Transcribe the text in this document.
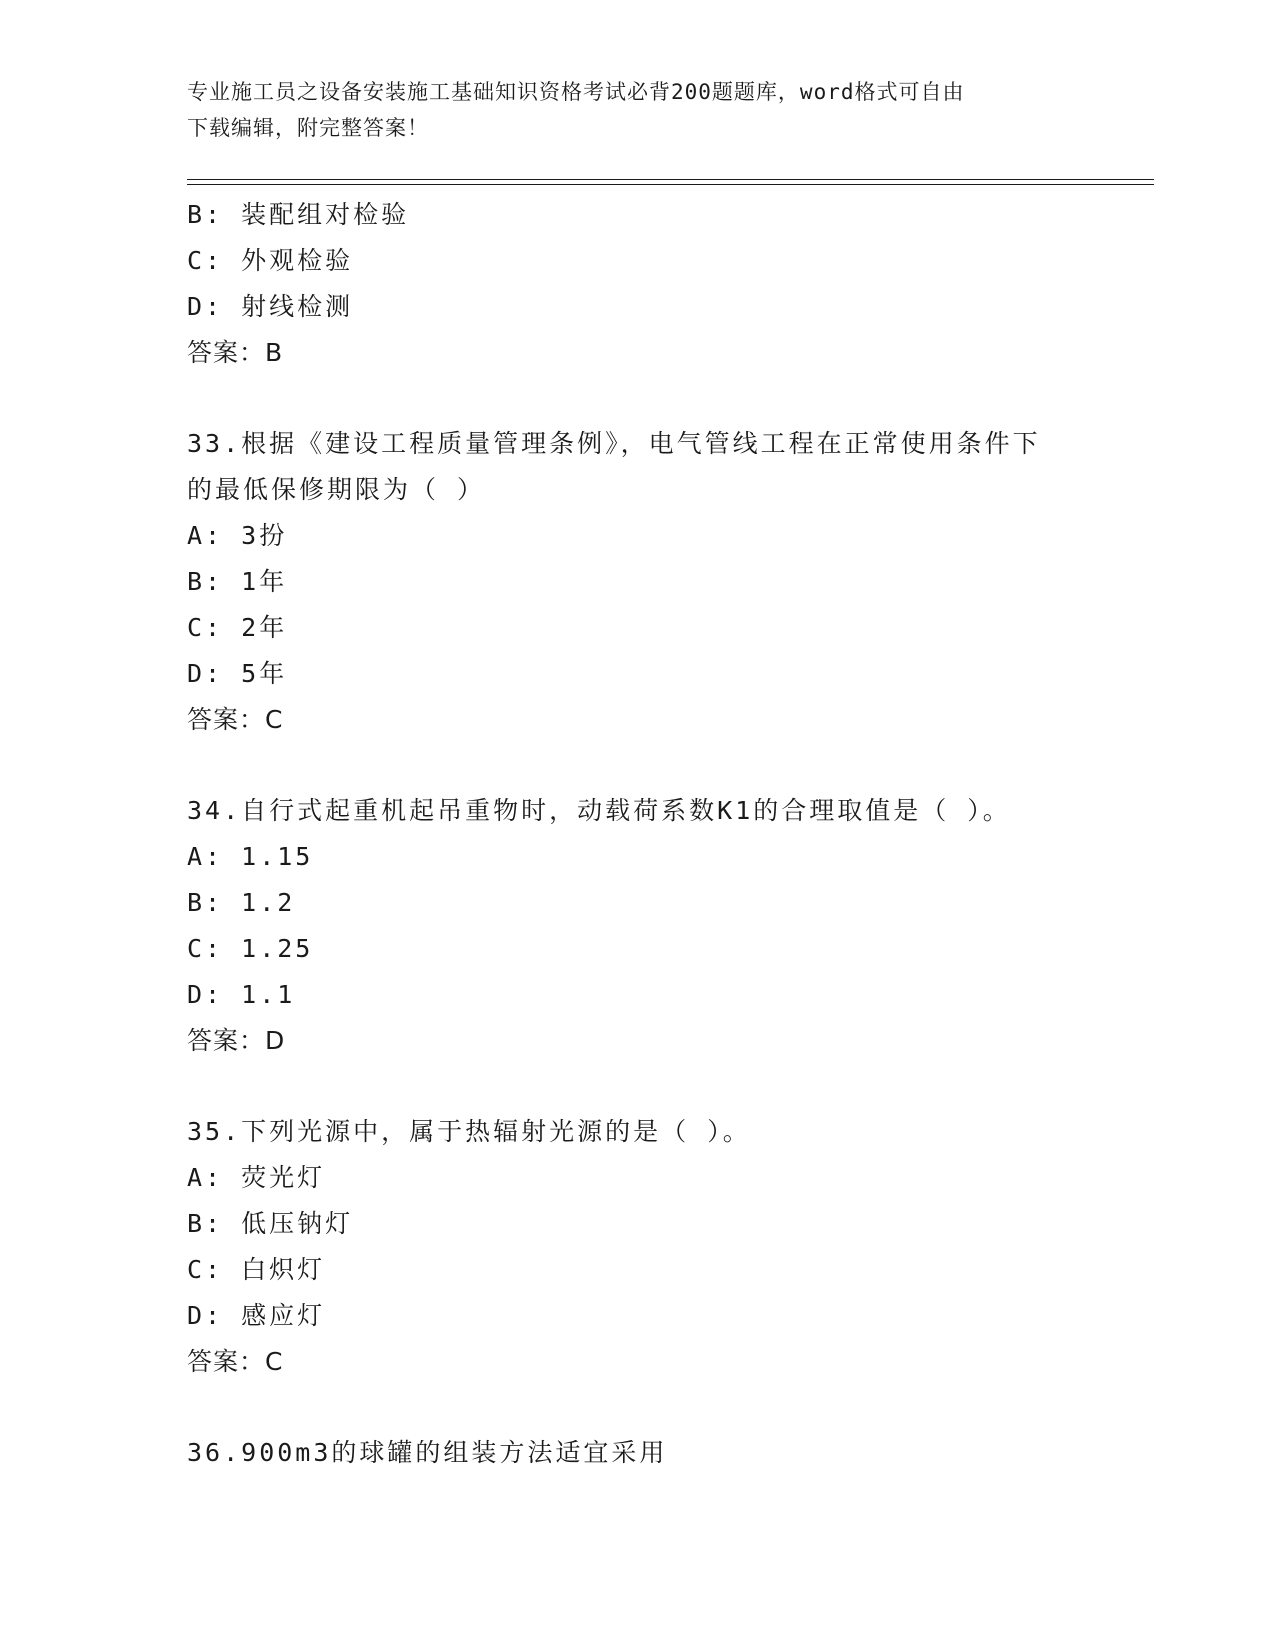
专业施工员之设备安装施工基础知识资格考试必背200题题库，word格式可自由
下载编辑，附完整答案！
B: 装配组对检验
C: 外观检验
D: 射线检测
答案：B
33.根据《建设工程质量管理条例》，电气管线工程在正常使用条件下
的最低保修期限为（ ）
A: 3扮
B: 1年
C: 2年
D: 5年
答案：C
34.自行式起重机起吊重物时，动载荷系数K1的合理取值是（ ）。
A: 1.15
B: 1.2
C: 1.25
D: 1.1
答案：D
35.下列光源中，属于热辐射光源的是（ ）。
A: 荧光灯
B: 低压钠灯
C: 白炽灯
D: 感应灯
答案：C
36.900m3的球罐的组装方法适宜采用
